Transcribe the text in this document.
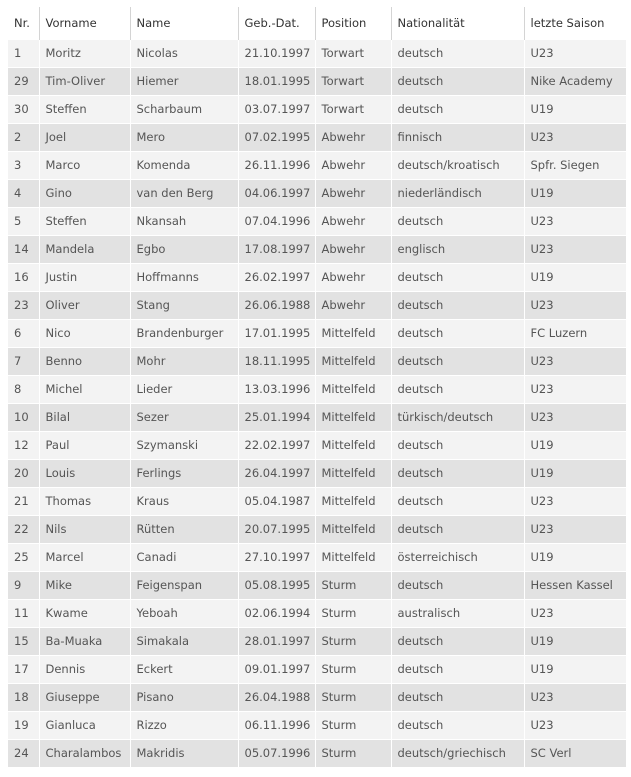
Nr.	Vorname	Name	Geb.-Dat.	Position	Nationalität	letzte Saison
1	Moritz	Nicolas	21.10.1997	Torwart	deutsch	U23
29	Tim-Oliver	Hiemer	18.01.1995	Torwart	deutsch	Nike Academy
30	Steffen	Scharbaum	03.07.1997	Torwart	deutsch	U19
2	Joel	Mero	07.02.1995	Abwehr	finnisch	U23
3	Marco	Komenda	26.11.1996	Abwehr	deutsch/kroatisch	Spfr. Siegen
4	Gino	van den Berg	04.06.1997	Abwehr	niederländisch	U19
5	Steffen	Nkansah	07.04.1996	Abwehr	deutsch	U23
14	Mandela	Egbo	17.08.1997	Abwehr	englisch	U23
16	Justin	Hoffmanns	26.02.1997	Abwehr	deutsch	U19
23	Oliver	Stang	26.06.1988	Abwehr	deutsch	U23
6	Nico	Brandenburger	17.01.1995	Mittelfeld	deutsch	FC Luzern
7	Benno	Mohr	18.11.1995	Mittelfeld	deutsch	U23
8	Michel	Lieder	13.03.1996	Mittelfeld	deutsch	U23
10	Bilal	Sezer	25.01.1994	Mittelfeld	türkisch/deutsch	U23
12	Paul	Szymanski	22.02.1997	Mittelfeld	deutsch	U19
20	Louis	Ferlings	26.04.1997	Mittelfeld	deutsch	U19
21	Thomas	Kraus	05.04.1987	Mittelfeld	deutsch	U23
22	Nils	Rütten	20.07.1995	Mittelfeld	deutsch	U23
25	Marcel	Canadi	27.10.1997	Mittelfeld	österreichisch	U19
9	Mike	Feigenspan	05.08.1995	Sturm	deutsch	Hessen Kassel
11	Kwame	Yeboah	02.06.1994	Sturm	australisch	U23
15	Ba-Muaka	Simakala	28.01.1997	Sturm	deutsch	U19
17	Dennis	Eckert	09.01.1997	Sturm	deutsch	U19
18	Giuseppe	Pisano	26.04.1988	Sturm	deutsch	U23
19	Gianluca	Rizzo	06.11.1996	Sturm	deutsch	U23
24	Charalambos	Makridis	05.07.1996	Sturm	deutsch/griechisch	SC Verl
